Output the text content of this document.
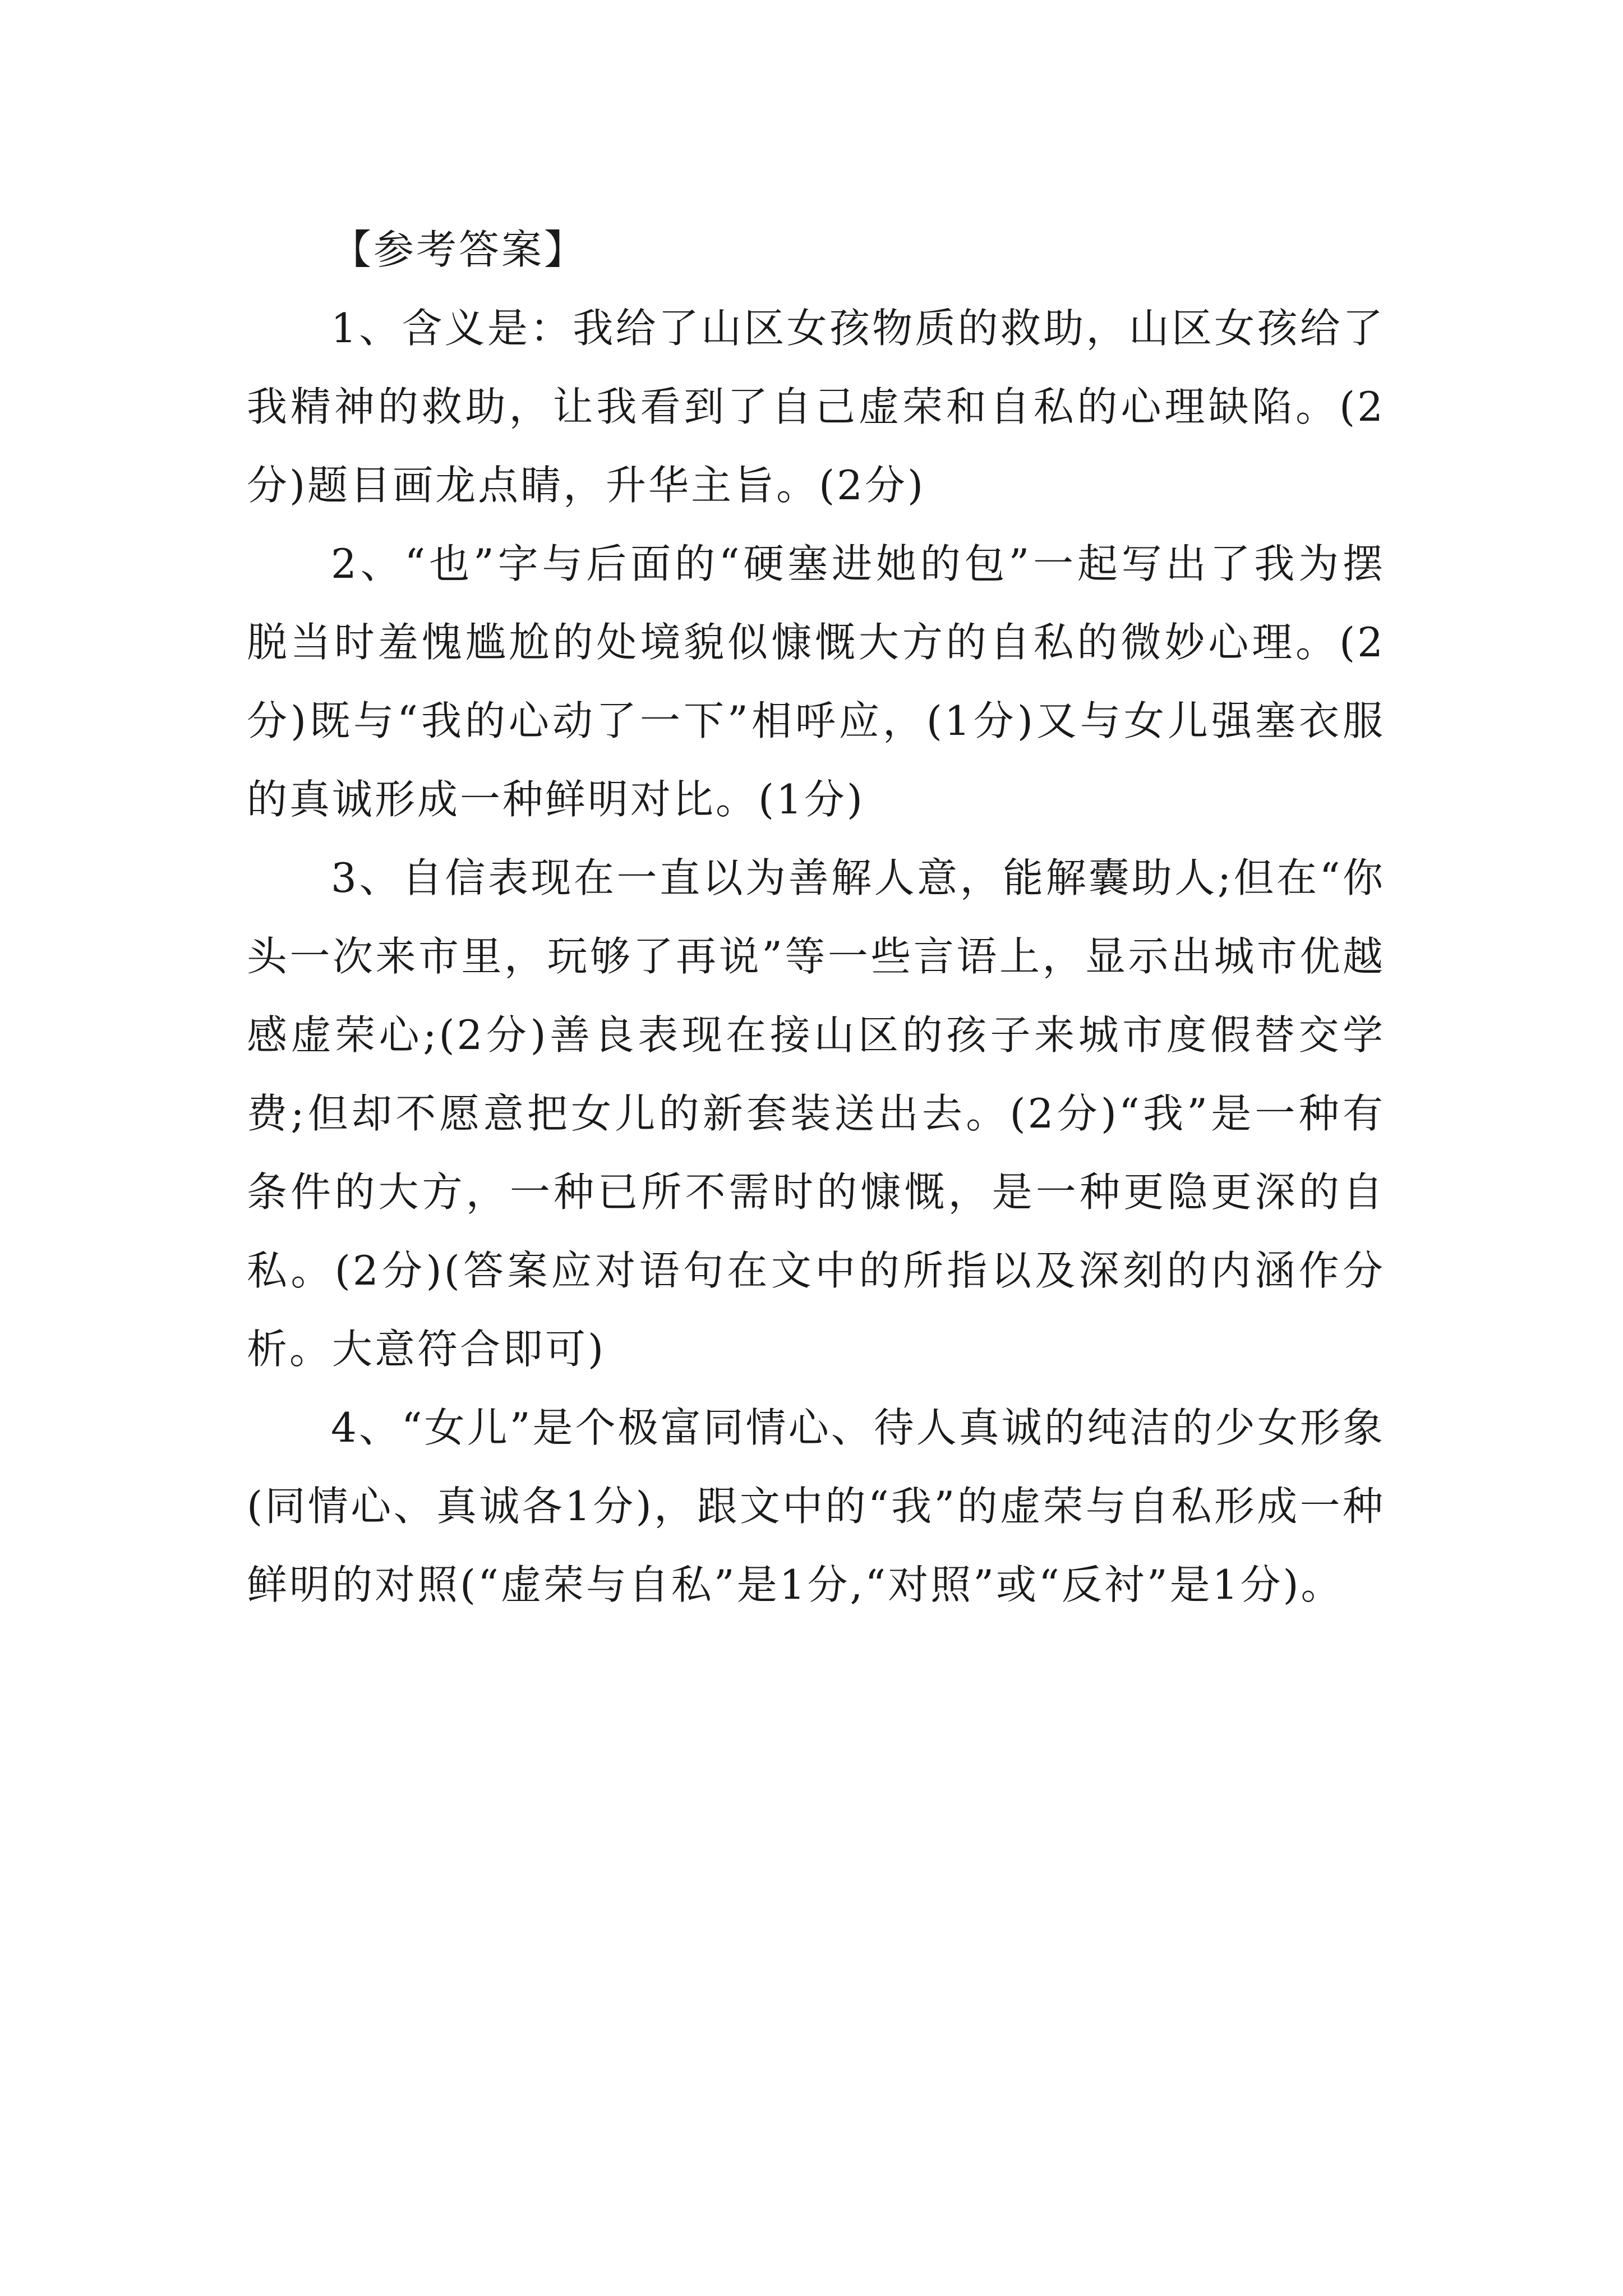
【参考答案】

1、含义是：我给了山区女孩物质的救助，山区女孩给了我精神的救助，让我看到了自己虚荣和自私的心理缺陷。(2分)题目画龙点睛，升华主旨。(2分)

2、“也”字与后面的“硬塞进她的包”一起写出了我为摆脱当时羞愧尴尬的处境貌似慷慨大方的自私的微妙心理。(2分)既与“我的心动了一下”相呼应，(1分)又与女儿强塞衣服的真诚形成一种鲜明对比。(1分)

3、自信表现在一直以为善解人意，能解囊助人;但在“你头一次来市里，玩够了再说”等一些言语上，显示出城市优越感虚荣心;(2分)善良表现在接山区的孩子来城市度假替交学费;但却不愿意把女儿的新套装送出去。(2分)“我”是一种有条件的大方，一种已所不需时的慷慨，是一种更隐更深的自私。(2分)(答案应对语句在文中的所指以及深刻的内涵作分析。大意符合即可)

4、“女儿”是个极富同情心、待人真诚的纯洁的少女形象(同情心、真诚各1分)，跟文中的“我”的虚荣与自私形成一种鲜明的对照(“虚荣与自私”是1分,“对照”或“反衬”是1分)。
